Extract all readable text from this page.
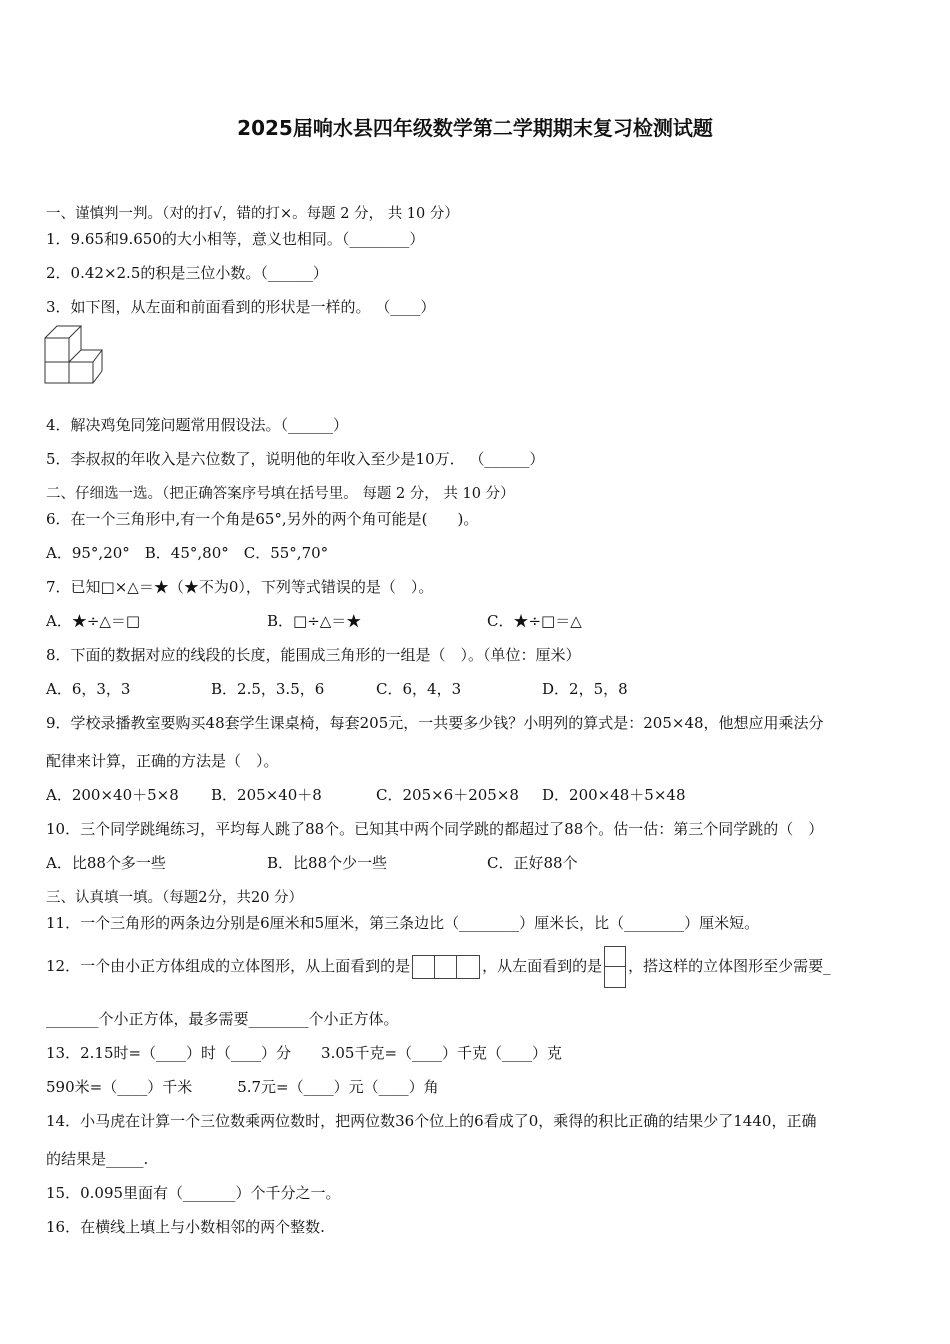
2025届响水县四年级数学第二学期期末复习检测试题
一、谨慎判一判。（对的打√，错的打×。每题 2 分， 共 10 分）
1．9.65和9.650的大小相等，意义也相同。（________）
2．0.42×2.5的积是三位小数。（______）
3．如下图，从左面和前面看到的形状是一样的。 （____）
4．解决鸡兔同笼问题常用假设法。（______）
5．李叔叔的年收入是六位数了，说明他的年收入至少是10万． （______）
二、仔细选一选。（把正确答案序号填在括号里。 每题 2 分， 共 10 分）
6．在一个三角形中,有一个角是65°,另外的两个角可能是(　　)。
A．95°,20°　B．45°,80°　C．55°,70°
7．已知□×△＝★（★不为0），下列等式错误的是（　）。
A．★÷△＝□	B．□÷△＝★	C．★÷□＝△
8．下面的数据对应的线段的长度，能围成三角形的一组是（　）。（单位：厘米）
A．6，3，3	B．2.5，3.5，6	C．6，4，3	D．2，5，8
9．学校录播教室要购买48套学生课桌椅，每套205元，一共要多少钱？小明列的算式是：205×48，他想应用乘法分
配律来计算，正确的方法是（　）。
A．200×40＋5×8 B．205×40＋8	C．205×6＋205×8 D．200×48＋5×48
10．三个同学跳绳练习，平均每人跳了88个。已知其中两个同学跳的都超过了88个。估一估：第三个同学跳的（　）
A．比88个多一些	B．比88个少一些	C．正好88个
三、认真填一填。（每题2分，共20 分）
11．一个三角形的两条边分别是6厘米和5厘米，第三条边比（________）厘米长，比（________）厘米短。
12．一个由小正方体组成的立体图形，从上面看到的是	，从左面看到的是 ，搭这样的立体图形至少需要_
_______个小正方体，最多需要________个小正方体。
13．2.15时=（____）时（____）分　　3.05千克=（____）千克（____）克
590米=（____）千米　　　5.7元=（____）元（____）角
14．小马虎在计算一个三位数乘两位数时，把两位数36个位上的6看成了0，乘得的积比正确的结果少了1440，正确
的结果是_____.
15．0.095里面有（_______）个千分之一。
16．在横线上填上与小数相邻的两个整数.
